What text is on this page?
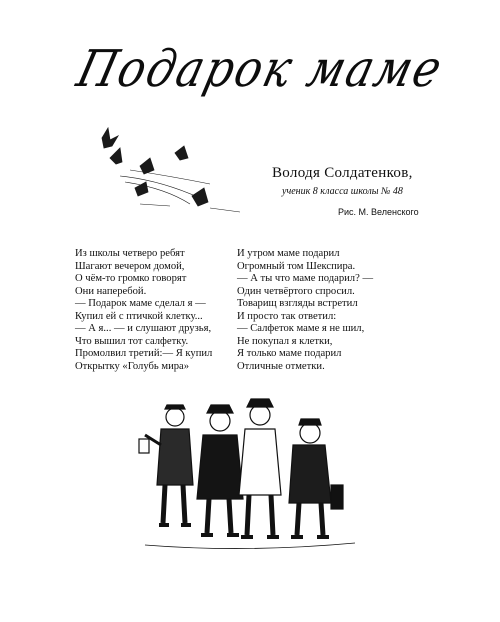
Подарок маме
Володя Солдатенков,
ученик 8 класса школы № 48
Рис. М. Веленского
Из школы четверо ребят
Шагают вечером домой,
О чём-то громко говорят
Они наперебой.
— Подарок маме сделал я —
Купил ей с птичкой клетку...
— А я... — и слушают друзья,
Что вышил тот салфетку.
Промолвил третий:— Я купил
Открытку «Голубь мира»
И утром маме подарил
Огромный том Шекспира.
— А ты что маме подарил? —
Один четвёртого спросил.
Товарищ взгляды встретил
И просто так ответил:
— Салфеток маме я не шил,
Не покупал я клетки,
Я только маме подарил
Отличные отметки.
